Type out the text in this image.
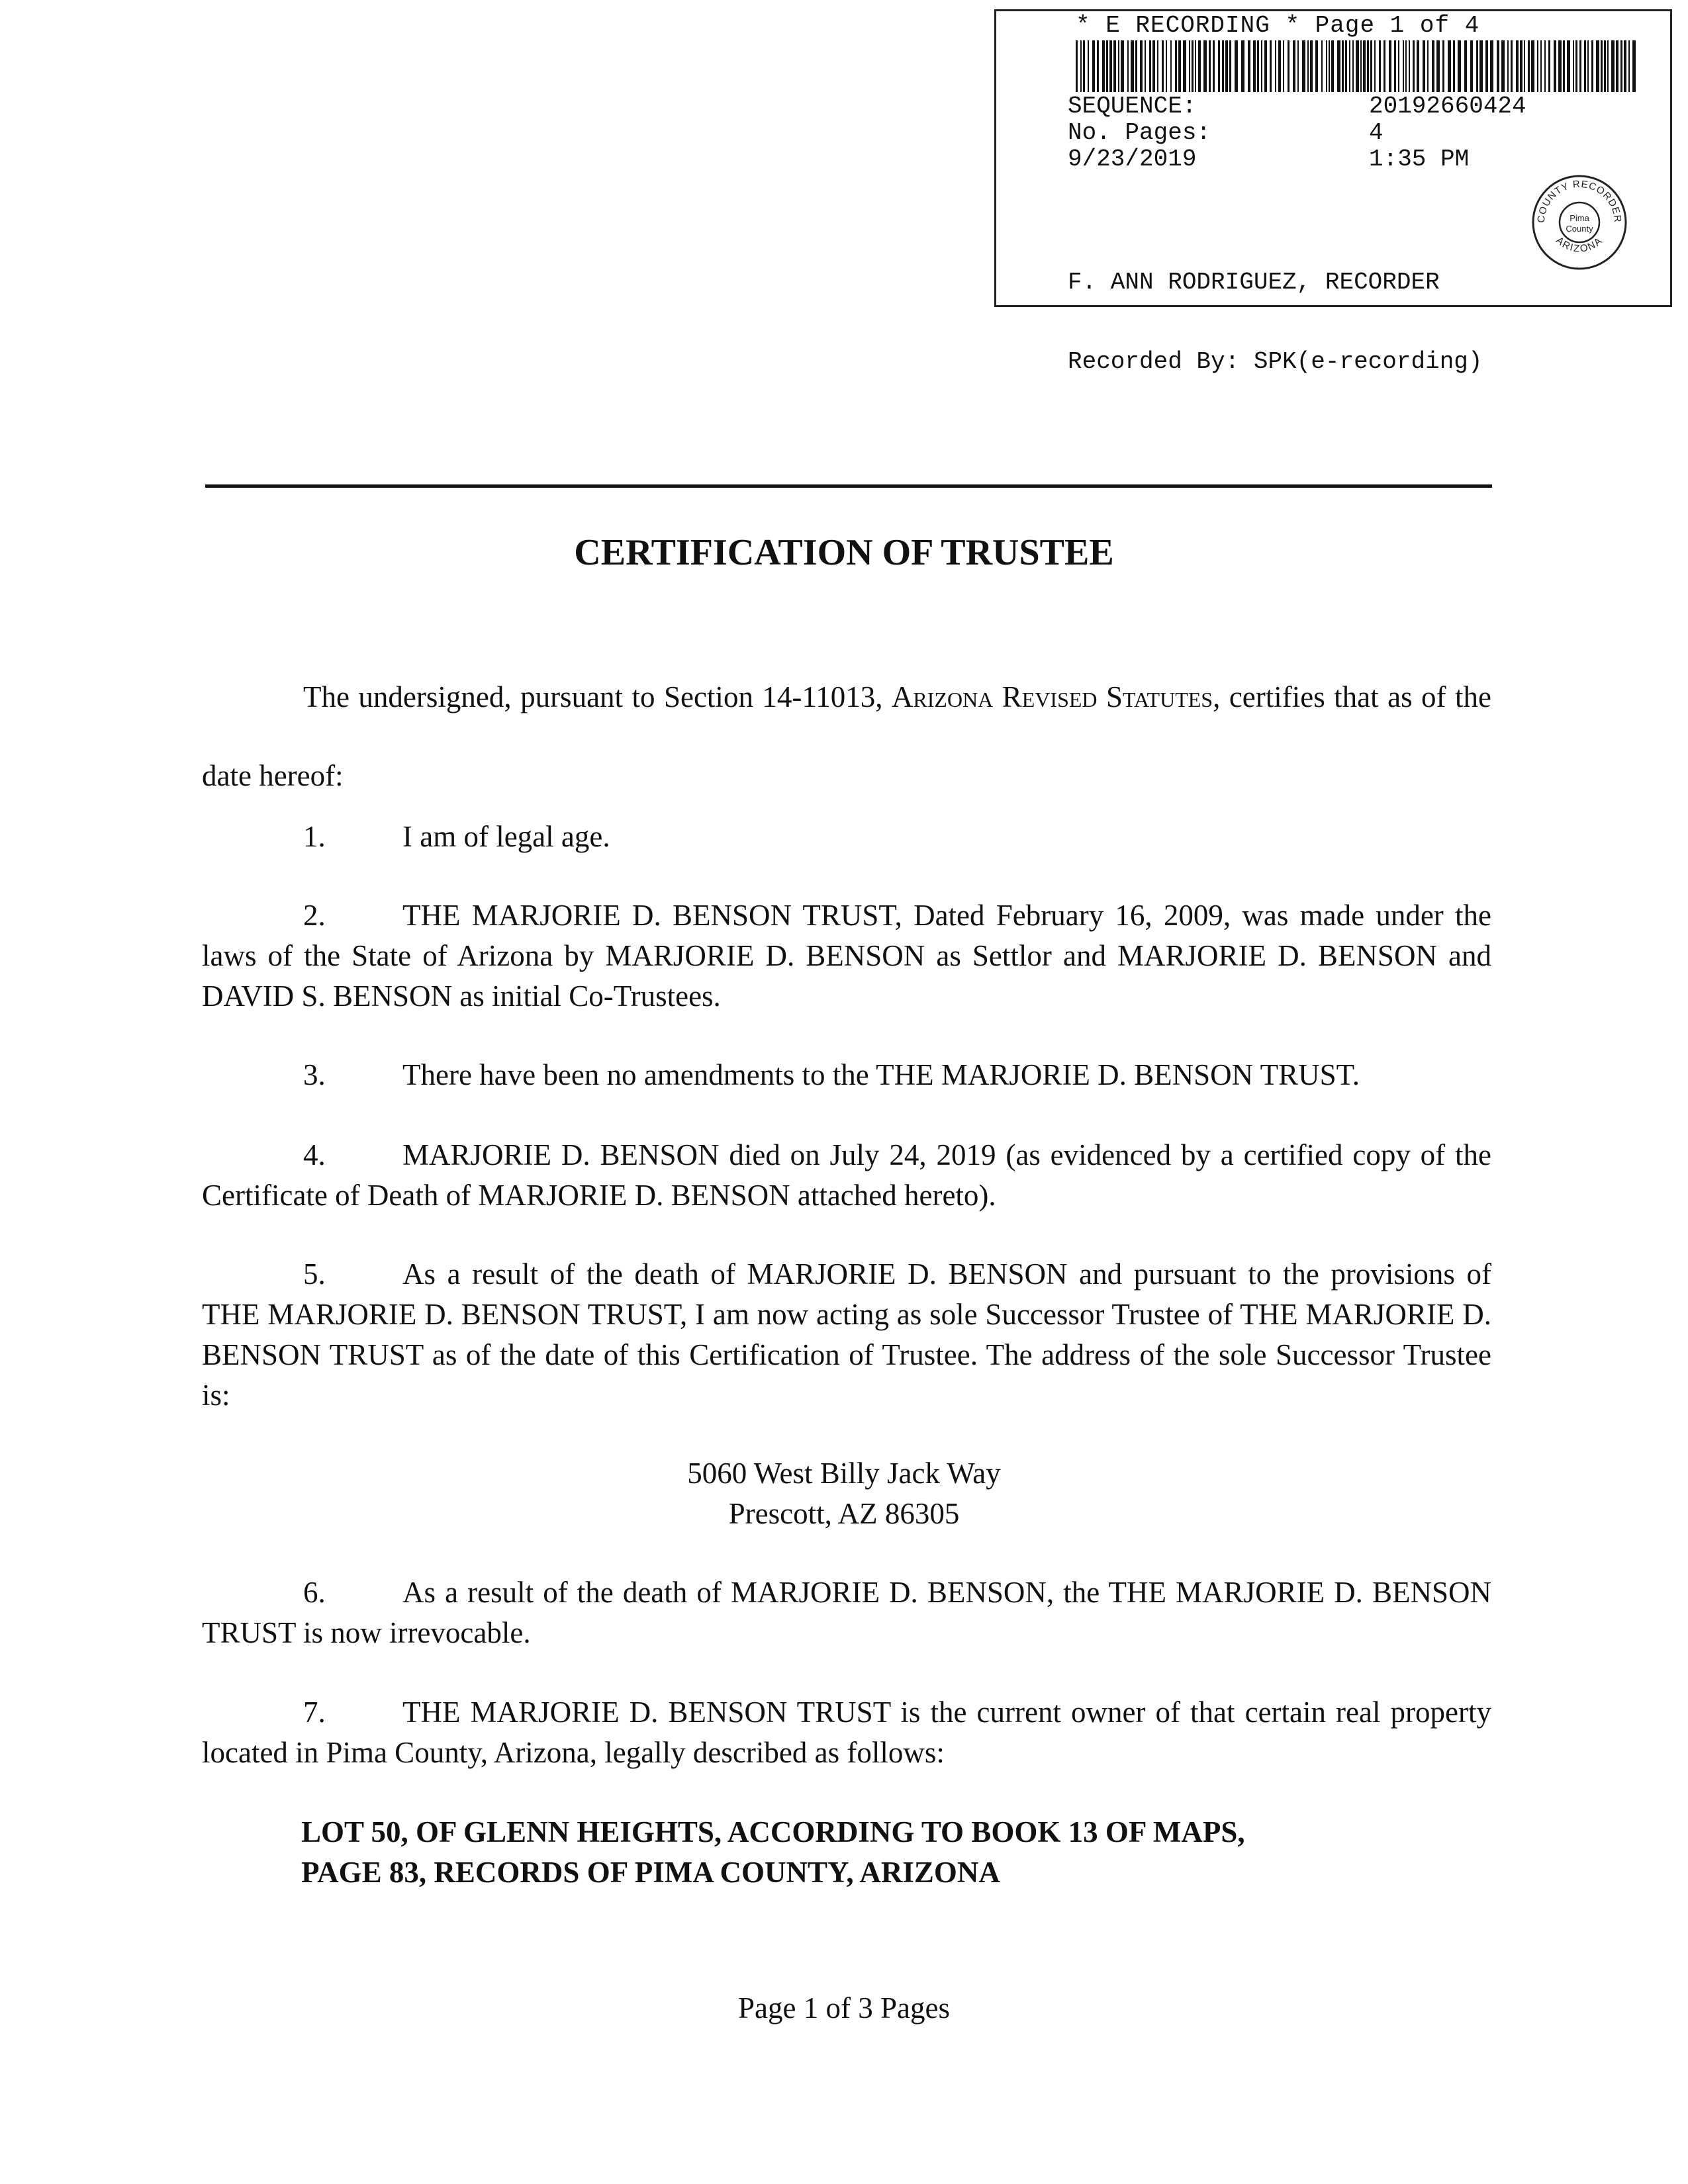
* E RECORDING * Page 1 of 4
SEQUENCE:	20192660424
No. Pages:	4
9/23/2019	1:35 PM

F. ANN RODRIGUEZ, RECORDER

Recorded By: SPK(e-recording)

COUNTY RECORDER
ARIZONA
Pima
County
CERTIFICATION OF TRUSTEE
The undersigned, pursuant to Section 14-11013, Arizona Revised Statutes, certifies that as of the date hereof:
1.	I am of legal age.
2.	THE MARJORIE D. BENSON TRUST, Dated February 16, 2009, was made under the laws of the State of Arizona by MARJORIE D. BENSON as Settlor and MARJORIE D. BENSON and DAVID S. BENSON as initial Co-Trustees.
3.	There have been no amendments to the THE MARJORIE D. BENSON TRUST.
4.	MARJORIE D. BENSON died on July 24, 2019 (as evidenced by a certified copy of the Certificate of Death of MARJORIE D. BENSON attached hereto).
5.	As a result of the death of MARJORIE D. BENSON and pursuant to the provisions of THE MARJORIE D. BENSON TRUST, I am now acting as sole Successor Trustee of THE MARJORIE D. BENSON TRUST as of the date of this Certification of Trustee. The address of the sole Successor Trustee is:
5060 West Billy Jack Way
Prescott, AZ 86305
6.	As a result of the death of MARJORIE D. BENSON, the THE MARJORIE D. BENSON TRUST is now irrevocable.
7.	THE MARJORIE D. BENSON TRUST is the current owner of that certain real property located in Pima County, Arizona, legally described as follows:
LOT 50, OF GLENN HEIGHTS, ACCORDING TO BOOK 13 OF MAPS,
PAGE 83, RECORDS OF PIMA COUNTY, ARIZONA
Page 1 of 3 Pages
